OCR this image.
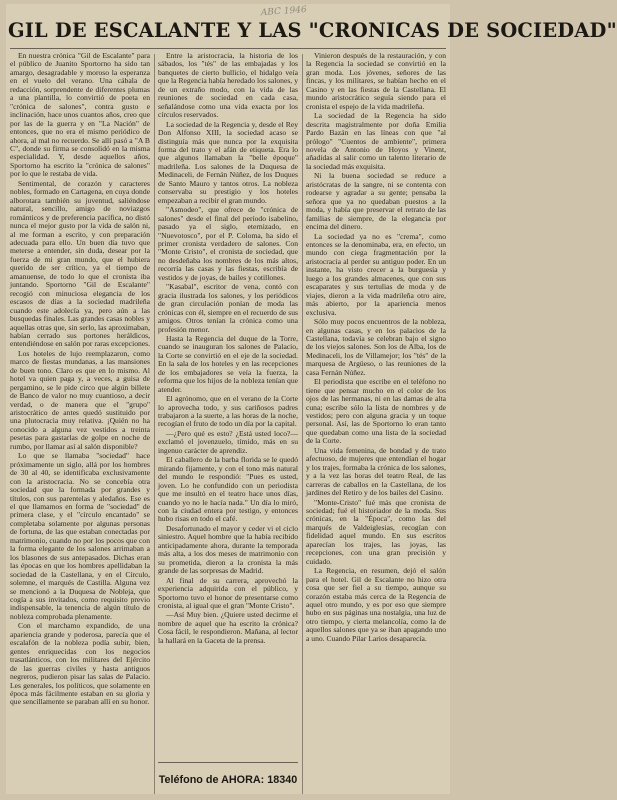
ABC 1946
GIL DE ESCALANTE Y LAS "CRONICAS DE SOCIEDAD"

En nuestra crónica "Gil de Escalante" para el público de Juanito Sportorno ha sido tan amargo, desagradable y moroso la esperanza en el vuelo del verano. Una cábala de redacción, sorprendente de diferentes plumas a una plantilla, lo convirtió de poeta en "crónica de salones", contra gusto e inclinación, hace unos cuantos años, creo que por las de la guerra y en "La Nación" de entonces, que no era el mismo periódico de ahora, al mal no recuerdo. Se allí pasó a "A B C", donde su firma se consolidó en la misma especialidad. Y, desde aquellos años, Sportorno ha escrito la "crónica de salones" por lo que le restaba de vida.

Sentimental, de corazón y caracteres nobles, formado en Cartagena, en cuya donde alborotara también su juventud, saliéndose natural, sencillo, amigo de noviazgos románticos y de preferencia pacífica, no distó nunca el mejor gusto por la vida de salón ni, al me forman a escrito, y con preparación adecuada para ello. Un buen día tuvo que meterse a entender, sin duda, desear por la fuerza de mi gran mundo, que el hubiera querido de ser crítico, ya el tiempo de amanuense, de todo lo que el cronista iba juntando. Sportorno "Gil de Escalante" recogió con minuciosa elegancia de los escasos de días a la sociedad madrileña cuando este adolecía ya, pero aún a las busquedas finales. Las grandes casas nobles y aquellas otras que, sin serlo, las aproximaban, habían cerrado sus portones heráldicos, entendiéndose en salón por raras excepciones.

Los hoteles de lujo reemplazaron, como marco de fiestas mundanas, a las mansiones de buen tono. Claro es que en lo mismo. Al hotel va quien paga y, a veces, a guisa de pergamino, se le pide circo que algún billete de Banco de valor no muy cuantioso, a decir verdad, o de manera que el "grupo" aristocrático de antes quedó sustituido por una plutocracia muy relativa. ¡Quién no ha conocido a alguna vez vestidos a treinta pesetas para gastarlas de golpe en noche de rumbo, por llamar así al salón disponible?

Lo que se llamaba "sociedad" hace próximamente un siglo, allá por los hombres de 30 al 40, se identificaba exclusivamente con la aristocracia. No se concebía otra sociedad que la formada por grandes y títulos, con sus parentelas y aledaños. Ese es el que llamamos en forma de "sociedad" de primera clase, y el "círculo encantado" se completaba solamente por algunas personas de fortuna, de las que estaban conectadas por matrimonio, cuando no por los pocos que con la forma elegante de los salones arrimaban a los blasones de sus antepasados. Dichas eran las épocas en que los hombres apellidaban la sociedad de la Castellana, y en el Círculo, solemne, el marqués de Castilla. Alguna vez se mencionó a la Duquesa de Nobleja, que cogía a sus invitados, como requisito previo indispensable, la tenencia de algún título de nobleza comprobada plenamente.

Con el marchamo expandido, de una apariencia grande y poderosa, parecía que el escalafón de la nobleza podía subir, bien, gentes enriquecidas con los negocios trasatlánticos, con los militares del Ejército de las guerras civiles y hasta antiguos negreros, pudieron pisar las salas de Palacio. Les generales, los políticos, que solamente en época más fácilmente estaban en su gloria y que sencillamente se paraban allí en su honor.

Entre la aristocracia, la historia de los sábados, los "tés" de las embajadas y los banquetes de cierto bullicio, el hidalgo veía que la Regencia había heredado los salones, y de un extraño modo, con la vida de las reuniones de sociedad en cada casa, señalándose como una vida exacta por los círculos reservados.

La sociedad de la Regencia y, desde el Rey Don Alfonso XIII, la sociedad acaso se distinguía más que nunca por la exquisita forma del trato y el afán de etiqueta. Era lo que algunos llamaban la "belle époque" madrileña. Los salones de la Duquesa de Medinaceli, de Fernán Núñez, de los Duques de Santo Mauro y tantos otros. La nobleza conservaba su prestigio y los hoteles empezaban a recibir el gran mundo.

"Asmodeo", que ofrece de "crónica de salones" desde el final del período isabelino, pasado ya el siglo, eternizado, en "Nuevotosco", por el P. Coloma, ha sido el primer cronista verdadero de salones. Con "Monte Cristo", el cronista de sociedad, que no desdeñaba los nombres de los más altos, recorría las casas y las fiestas, escribía de vestidos y de joyas, de bailes y cotillones.

"Kasabal", escritor de vena, contó con gracia ilustrada los salones, y los periódicos de gran circulación ponían de moda las crónicas con él, siempre en el recuerdo de sus amigos. Otros tenían la crónica como una profesión menor.

Hasta la Regencia del duque de la Torre, cuando se inauguran los salones de Palacio, la Corte se convirtió en el eje de la sociedad. En la sala de los hoteles y en las recepciones de los embajadores se veía la fuerza, la reforma que los hijos de la nobleza tenían que atender.

El agrónomo, que en el verano de la Corte lo aprovecha todo, y sus cariñosos padres trabajaron a la suerte, a las horas de la noche, recogían el fruto de todo un día por la capital.

—¿Pero qué es esto? ¿Está usted loco?—exclamó el jovenzuelo, tímido, más en su ingenuo carácter de aprendiz.

El caballero de la barba florida se le quedó mirando fijamente, y con el tono más natural del mundo le respondió: "Pues es usted, joven. Lo he confundido con un periodista que me insultó en el teatro hace unos días, cuando yo no le hacía nada." Un día lo miró, con la ciudad entera por testigo, y entonces hubo risas en todo el café.

Desafortunado el mayor y ceder vi el ciclo siniestro. Aquel hombre que la había recibido anticipadamente ahora, durante la temporada más alta, a los dos meses de matrimonio con su prometida, dieron a la cronista la más grande de las sorpresas de Madrid.

Al final de su carrera, aprovechó la experiencia adquirida con el público, y Sportorno tuvo el honor de presentarse como cronista, al igual que el gran "Monte Cristo".

—Así Muy bien. ¿Quiere usted decirme el nombre de aquel que ha escrito la crónica? Cosa fácil, le respondieron. Mañana, al lector la hallará en la Gaceta de la prensa.

Vinieron después de la restauración, y con la Regencia la sociedad se convirtió en la gran moda. Los jóvenes, señores de las fincas, y los militares, se habían hecho en el Casino y en las fiestas de la Castellana. El mundo aristocrático seguía siendo para el cronista el espejo de la vida madrileña.

La sociedad de la Regencia ha sido descrita magistralmente por doña Emilia Pardo Bazán en las líneas con que "al prólogo" "Cuentos de ambiente", primera novela de Antonio de Hoyos y Vinent, añadidas al salir como un talento literario de la sociedad más exquisita.

Ni la buena sociedad se reduce a aristócratas de la sangre, ni se contenta con rodearse y agradar a su gente; pensaba la señora que ya no quedaban puestos a la moda, y había que preservar el retrato de las familias de siempre, de la elegancia por encima del dinero.

La sociedad ya no es "crema", como entonces se la denominaba, era, en efecto, un mundo con ciega fragmentación por la aristocracia al perder su antiguo poder. En un instante, ha visto crecer a la burguesía y luego a los grandes almacenes, que con sus escaparates y sus tertulias de moda y de viajes, dieron a la vida madrileña otro aire, más abierto, por la apariencia menos exclusiva.

Sólo muy pocos encuentros de la nobleza, en algunas casas, y en los palacios de la Castellana, todavía se celebran bajo el signo de los viejos salones. Son los de Alba, los de Medinaceli, los de Villamejor; los "tés" de la marquesa de Argüeso, o las reuniones de la casa Fernán Núñez.

El periodista que escribe en el teléfono no tiene que pensar mucho en el color de los ojos de las hermanas, ni en las damas de alta cuna; escribe sólo la lista de nombres y de vestidos; pero con alguna gracia y un toque personal. Así, las de Sportorno lo eran tanto que quedaban como una lista de la sociedad de la Corte.

Una vida femenina, de bondad y de trato afectuoso, de mujeres que entendían el hogar y los trajes, formaba la crónica de los salones, y a la vez las horas del teatro Real, de las carreras de caballos en la Castellana, de los jardines del Retiro y de los bailes del Casino.

"Monte-Cristo" fué más que cronista de sociedad; fué el historiador de la moda. Sus crónicas, en la "Época", como las del marqués de Valdeiglesias, recogían con fidelidad aquel mundo. En sus escritos aparecían los trajes, las joyas, las recepciones, con una gran precisión y cuidado.

La Regencia, en resumen, dejó el salón para el hotel. Gil de Escalante no hizo otra cosa que ser fiel a su tiempo, aunque su corazón estaba más cerca de la Regencia de aquel otro mundo, y es por eso que siempre hubo en sus páginas una nostalgia, una luz de otro tiempo, y cierta melancolía, como la de aquellos salones que ya se iban apagando uno a uno. Cuando Pilar Larios desaparecía.

Teléfono de AHORA: 18340
